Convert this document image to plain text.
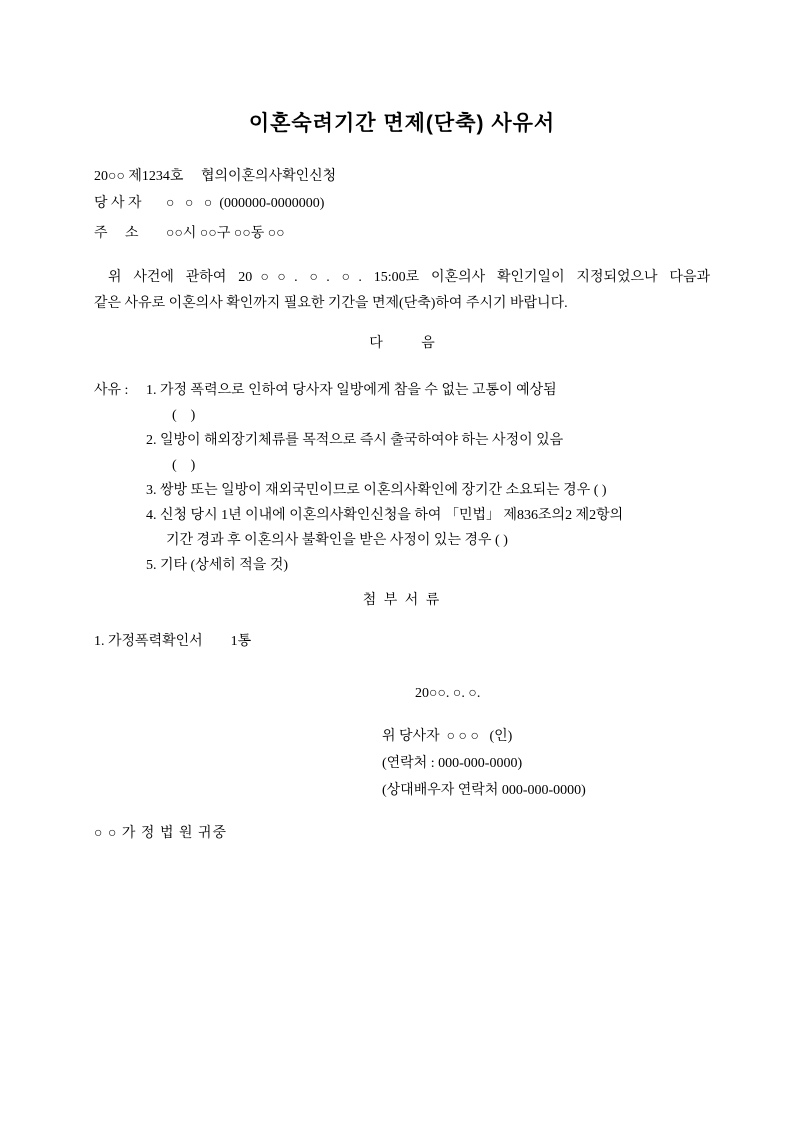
이혼숙려기간 면제(단축) 사유서
20○○ 제1234호     협의이혼의사확인신청
당 사 자	○   ○   ○  (000000-0000000)
주     소	○○시 ○○구 ○○동 ○○
위 사건에 관하여 20○○. ○. ○. 15:00로 이혼의사 확인기일이 지정되었으나 다음과
같은 사유로 이혼의사 확인까지 필요한 기간을 면제(단축)하여 주시기 바랍니다.
다           음
사유 :	1. 가정 폭력으로 인하여 당사자 일방에게 참을 수 없는 고통이 예상됨
(    )
2. 일방이 해외장기체류를 목적으로 즉시 출국하여야 하는 사정이 있음
(    )
3. 쌍방 또는 일방이 재외국민이므로 이혼의사확인에 장기간 소요되는 경우 ( )
4. 신청 당시 1년 이내에 이혼의사확인신청을 하여 「민법」 제836조의2 제2항의
기간 경과 후 이혼의사 불확인을 받은 사정이 있는 경우 ( )
5. 기타 (상세히 적을 것)
첨 부 서 류
1. 가정폭력확인서        1통
20○○. ○. ○.
위 당사자  ○ ○ ○   (인)
(연락처 : 000-000-0000)
(상대배우자 연락처 000-000-0000)
○ ○ 가 정 법 원 귀중
